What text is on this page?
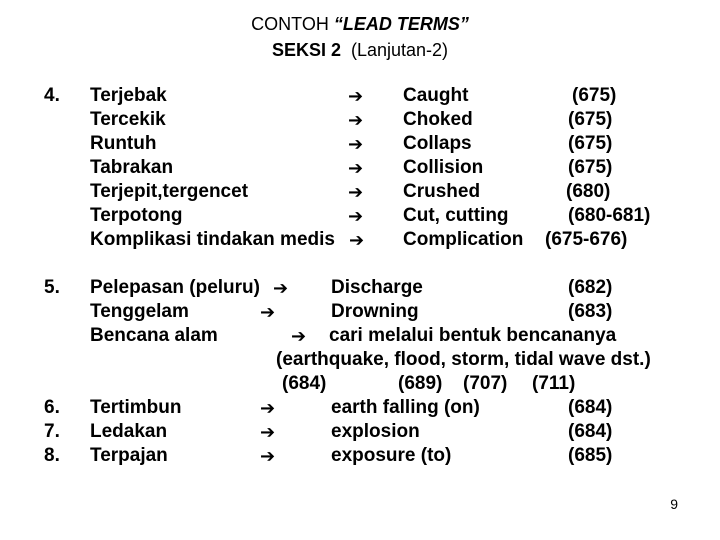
CONTOH “LEAD TERMS”
SEKSI 2 (Lanjutan-2)
4. Terjebak	➔ Caught	(675)
Tercekik	➔ Choked	(675)
Runtuh	➔ Collaps	(675)
Tabrakan	➔ Collision	(675)
Terjepit,tergencet	➔ Crushed	(680)
Terpotong	➔ Cut, cutting	(680-681)
Komplikasi tindakan medis ➔ Complication (675-676)
5. Pelepasan (peluru) ➔ Discharge	(682)
Tenggelam	➔	Drowning	(683)
Bencana alam	➔ cari melalui bentuk bencananya
(earthquake, flood, storm, tidal wave dst.)
(684)	(689) (707) (711)
6. Tertimbun	➔	earth falling (on)	(684)
7. Ledakan	➔	explosion	(684)
8. Terpajan	➔	exposure (to)	(685)
9
